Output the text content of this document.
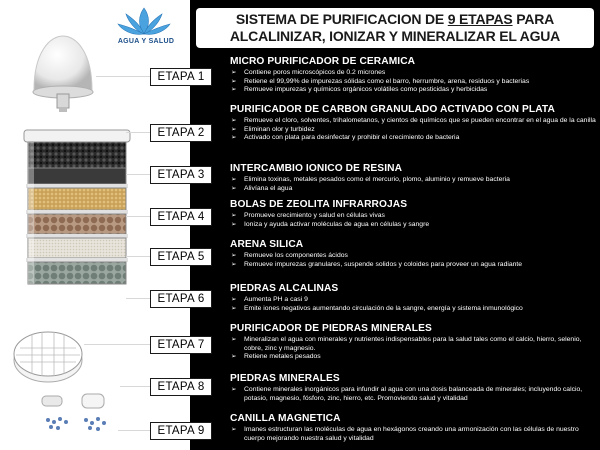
AGUA Y SALUD
SISTEMA DE PURIFICACION DE 9 ETAPAS PARA
ALCALINIZAR, IONIZAR Y MINERALIZAR EL AGUA
ETAPA 1
ETAPA 2
ETAPA 3
ETAPA 4
ETAPA 5
ETAPA 6
ETAPA 7
ETAPA 8
ETAPA 9
MICRO PURIFICADOR DE CERAMICA
➢ Contiene poros microscópicos de 0.2 micrones
➢ Retiene el 99,99% de impurezas sólidas como el barro, herrumbre, arena, residuos y bacterias
➢ Remueve impurezas y químicos orgánicos volátiles como pesticidas y herbicidas
PURIFICADOR DE CARBON GRANULADO ACTIVADO CON PLATA
➢ Remueve el cloro, solventes, trihalometanos, y cientos de químicos que se pueden encontrar en el agua de la canilla
➢ Eliminan olor y turbidez
➢ Activado con plata para desinfectar y prohibir el crecimiento de bacteria
INTERCAMBIO IONICO DE RESINA
➢ Elimina toxinas, metales pesados como el mercurio, plomo, aluminio y remueve bacteria
➢ Alivíana el agua
BOLAS DE ZEOLITA INFRARROJAS
➢ Promueve crecimiento y salud en células vivas
➢ Ioniza y ayuda activar moléculas de agua en células y sangre
ARENA SILICA
➢ Remueve los componentes ácidos
➢ Remueve impurezas granulares, suspende solidos y coloides para proveer un agua radiante
PIEDRAS ALCALINAS
➢ Aumenta PH a casi 9
➢ Emite iones negativos aumentando circulación de la sangre, energía y sistema inmunológico
PURIFICADOR DE PIEDRAS MINERALES
➢ Mineralizan el agua con minerales y nutrientes indispensables para la salud tales como el calcio, hierro, selenio, cobre, zinc y magnesio.
➢ Retiene metales pesados
PIEDRAS MINERALES
➢ Contiene minerales inorgánicos para infundir al agua con una dosis balanceada de minerales; incluyendo calcio, potasio, magnesio, fósforo, zinc, hierro, etc. Promoviendo salud y vitalidad
CANILLA MAGNETICA
➢ Imanes estructuran las moléculas de agua en hexágonos creando una armonización con las células de nuestro cuerpo mejorando nuestra salud y vitalidad
